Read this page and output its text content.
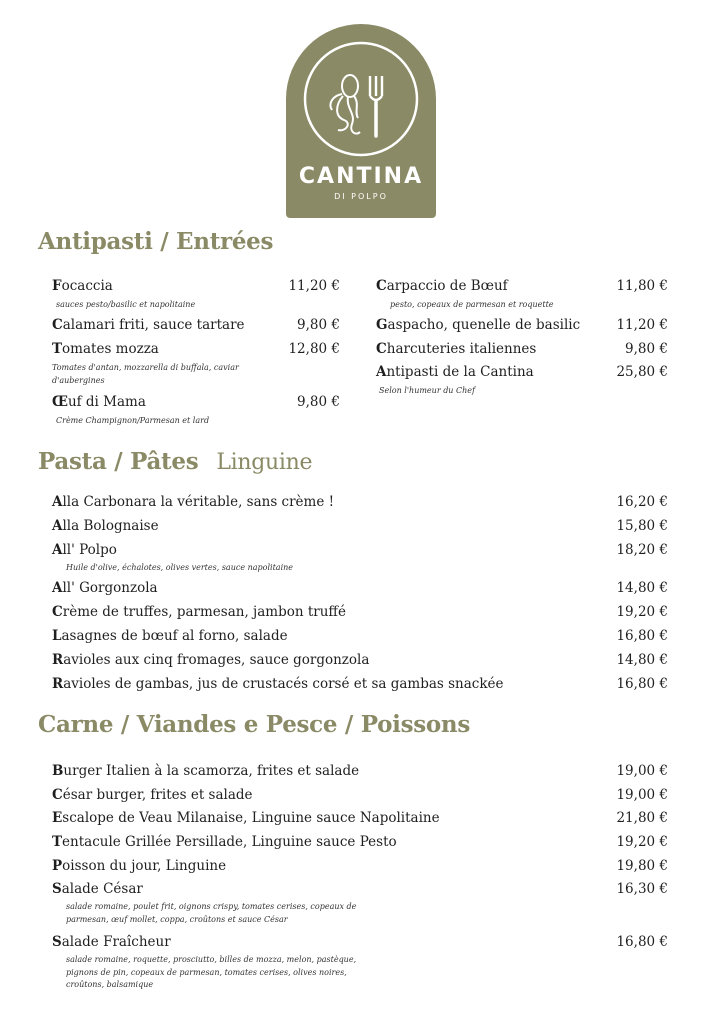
CANTINA
DI POLPO
Antipasti / Entrées
Focaccia	11,20 €
sauces pesto/basilic et napolitaine
Calamari friti, sauce tartare	9,80 €
Tomates mozza	12,80 €
Tomates d'antan, mozzarella di buffala, caviar d'aubergines
Œuf di Mama	9,80 €
Crème Champignon/Parmesan et lard
Carpaccio de Bœuf	11,80 €
pesto, copeaux de parmesan et roquette
Gaspacho, quenelle de basilic	11,20 €
Charcuteries italiennes	9,80 €
Antipasti de la Cantina	25,80 €
Selon l'humeur du Chef
Pasta / Pâtes Linguine
Alla Carbonara la véritable, sans crème !	16,20 €
Alla Bolognaise	15,80 €
All' Polpo	18,20 €
Huile d'olive, échalotes, olives vertes, sauce napolitaine
All' Gorgonzola	14,80 €
Crème de truffes, parmesan, jambon truffé	19,20 €
Lasagnes de bœuf al forno, salade	16,80 €
Ravioles aux cinq fromages, sauce gorgonzola	14,80 €
Ravioles de gambas, jus de crustacés corsé et sa gambas snackée	16,80 €
Carne / Viandes e Pesce / Poissons
Burger Italien à la scamorza, frites et salade	19,00 €
César burger, frites et salade	19,00 €
Escalope de Veau Milanaise, Linguine sauce Napolitaine	21,80 €
Tentacule Grillée Persillade, Linguine sauce Pesto	19,20 €
Poisson du jour, Linguine	19,80 €
Salade César	16,30 €
salade romaine, poulet frit, oignons crispy, tomates cerises, copeaux de parmesan, œuf mollet, coppa, croûtons et sauce César
Salade Fraîcheur	16,80 €
salade romaine, roquette, prosciutto, billes de mozza, melon, pastèque, pignons de pin, copeaux de parmesan, tomates cerises, olives noires, croûtons, balsamique
